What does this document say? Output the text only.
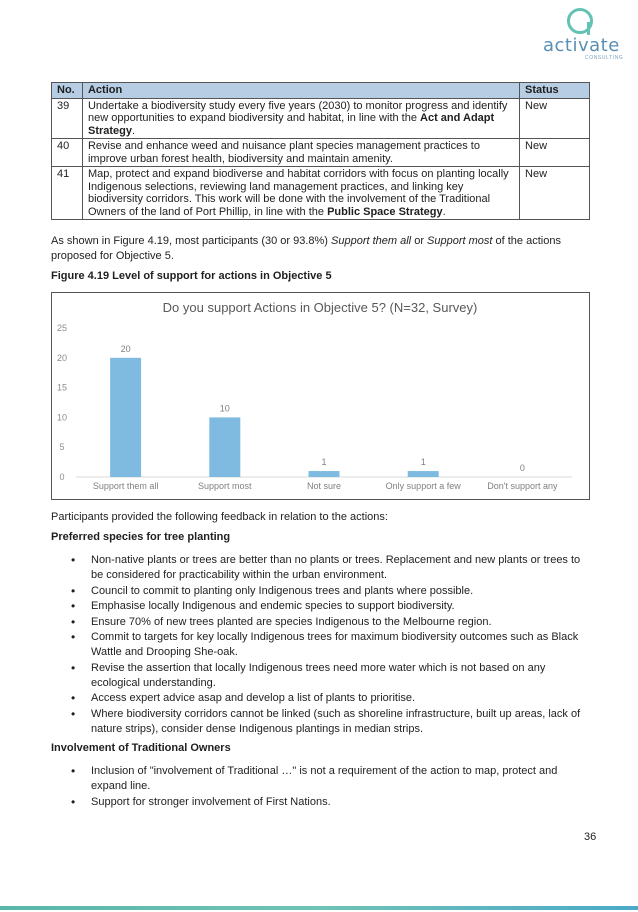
activate
CONSULTING
No.	Action	Status
39	Undertake a biodiversity study every five years (2030) to monitor progress and identify new opportunities to expand biodiversity and habitat, in line with the Act and Adapt Strategy.	New
40	Revise and enhance weed and nuisance plant species management practices to improve urban forest health, biodiversity and maintain amenity.	New
41	Map, protect and expand biodiverse and habitat corridors with focus on planting locally Indigenous selections, reviewing land management practices, and linking key biodiversity corridors. This work will be done with the involvement of the Traditional Owners of the land of Port Phillip, in line with the Public Space Strategy.	New

As shown in Figure 4.19, most participants (30 or 93.8%) Support them all or Support most of the actions proposed for Objective 5.

Figure 4.19 Level of support for actions in Objective 5
Do you support Actions in Objective 5? (N=32, Survey)
0
5
10
15
20
25
20
Support them all
10
Support most
1
Not sure
1
Only support a few
0
Don't support any

Participants provided the following feedback in relation to the actions:

Preferred species for tree planting
• Non-native plants or trees are better than no plants or trees. Replacement and new plants or trees to be considered for practicability within the urban environment.
• Council to commit to planting only Indigenous trees and plants where possible.
• Emphasise locally Indigenous and endemic species to support biodiversity.
• Ensure 70% of new trees planted are species Indigenous to the Melbourne region.
• Commit to targets for key locally Indigenous trees for maximum biodiversity outcomes such as Black Wattle and Drooping She-oak.
• Revise the assertion that locally Indigenous trees need more water which is not based on any ecological understanding.
• Access expert advice asap and develop a list of plants to prioritise.
• Where biodiversity corridors cannot be linked (such as shoreline infrastructure, built up areas, lack of nature strips), consider dense Indigenous plantings in median strips.
Involvement of Traditional Owners
• Inclusion of "involvement of Traditional …" is not a requirement of the action to map, protect and expand line.
• Support for stronger involvement of First Nations.
36
